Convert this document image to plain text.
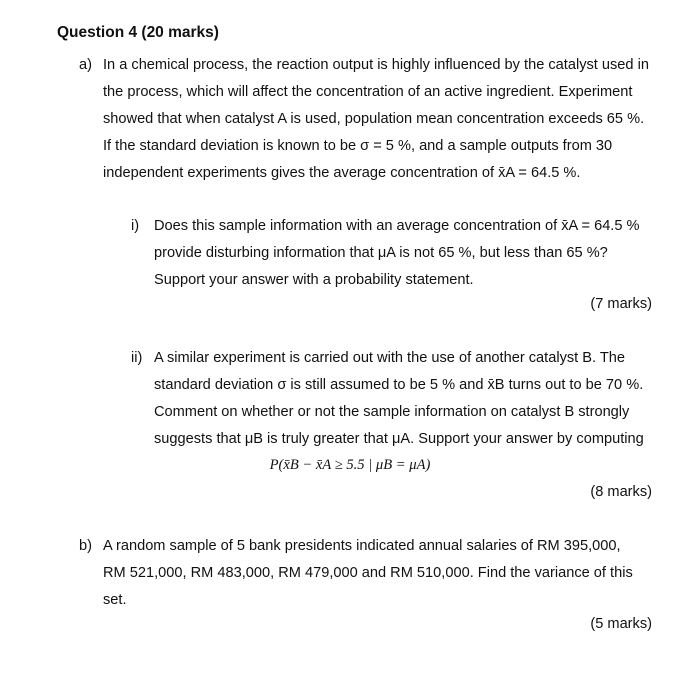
Question 4 (20 marks)
a) In a chemical process, the reaction output is highly influenced by the catalyst used in

the process, which will affect the concentration of an active ingredient. Experiment

showed that when catalyst A is used, population mean concentration exceeds 65 %.

If the standard deviation is known to be σ = 5 %, and a sample outputs from 30

independent experiments gives the average concentration of x̄A = 64.5 %.

i) Does this sample information with an average concentration of x̄A = 64.5 %

provide disturbing information that μA is not 65 %, but less than 65 %?

Support your answer with a probability statement.

(7 marks)
ii) A similar experiment is carried out with the use of another catalyst B. The

standard deviation σ is still assumed to be 5 % and x̄B turns out to be 70 %.

Comment on whether or not the sample information on catalyst B strongly

suggests that μB is truly greater that μA. Support your answer by computing

P(x̄B − x̄A ≥ 5.5 | μB = μA)
(8 marks)
b) A random sample of 5 bank presidents indicated annual salaries of RM 395,000,

RM 521,000, RM 483,000, RM 479,000 and RM 510,000. Find the variance of this

set.

(5 marks)
